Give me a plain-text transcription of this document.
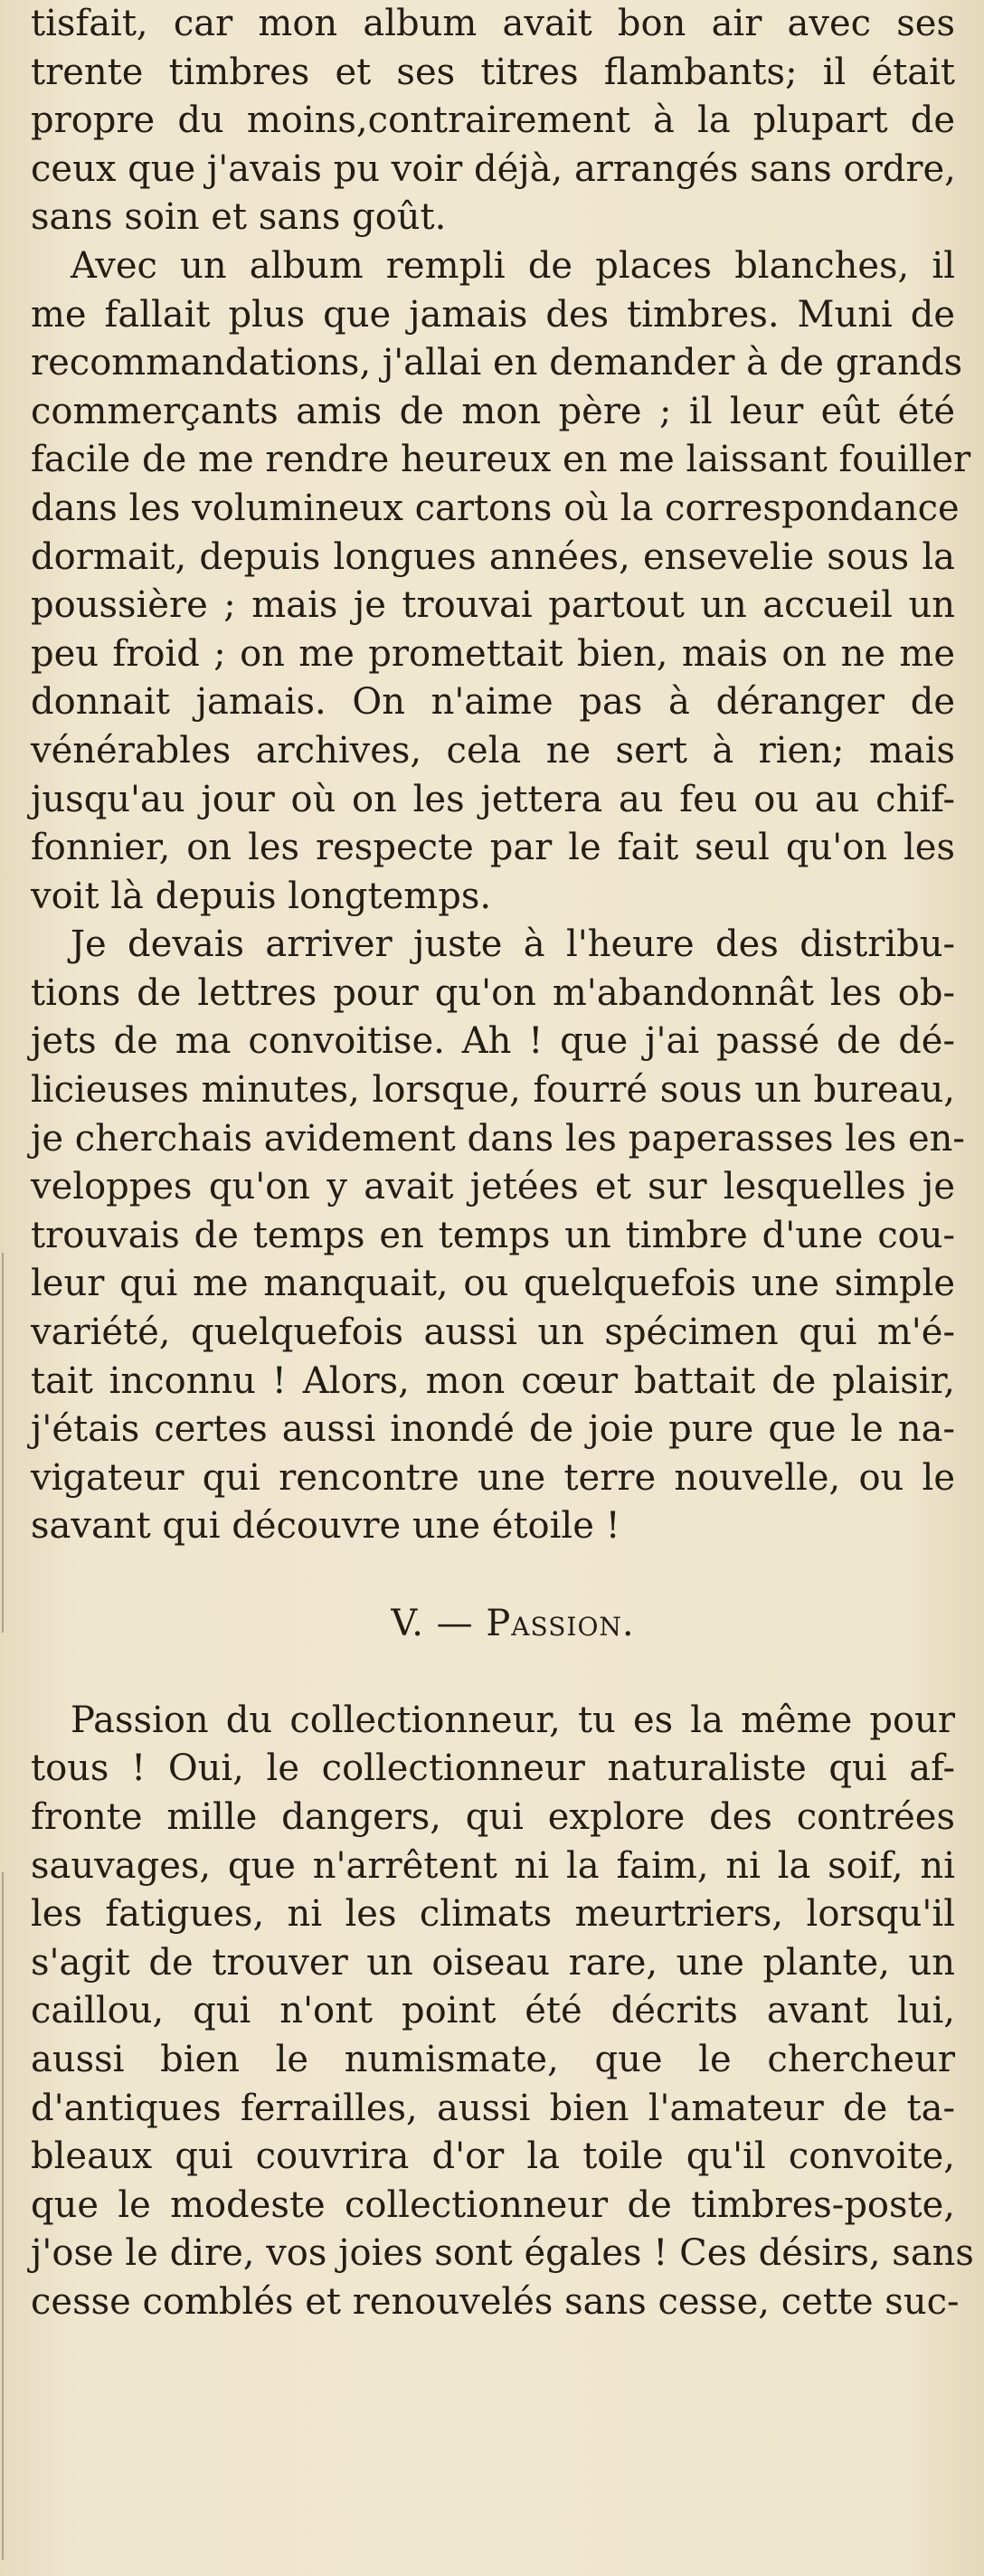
tisfait, car mon album avait bon air avec ses
trente timbres et ses titres flambants; il était
propre du moins,contrairement à la plupart de
ceux que j'avais pu voir déjà, arrangés sans ordre,
sans soin et sans goût.

Avec un album rempli de places blanches, il
me fallait plus que jamais des timbres. Muni de
recommandations, j'allai en demander à de grands
commerçants amis de mon père ; il leur eût été
facile de me rendre heureux en me laissant fouiller
dans les volumineux cartons où la correspondance
dormait, depuis longues années, ensevelie sous la
poussière ; mais je trouvai partout un accueil un
peu froid ; on me promettait bien, mais on ne me
donnait jamais. On n'aime pas à déranger de
vénérables archives, cela ne sert à rien; mais
jusqu'au jour où on les jettera au feu ou au chif-
fonnier, on les respecte par le fait seul qu'on les
voit là depuis longtemps.

Je devais arriver juste à l'heure des distribu-
tions de lettres pour qu'on m'abandonnât les ob-
jets de ma convoitise. Ah ! que j'ai passé de dé-
licieuses minutes, lorsque, fourré sous un bureau,
je cherchais avidement dans les paperasses les en-
veloppes qu'on y avait jetées et sur lesquelles je
trouvais de temps en temps un timbre d'une cou-
leur qui me manquait, ou quelquefois une simple
variété, quelquefois aussi un spécimen qui m'é-
tait inconnu ! Alors, mon cœur battait de plaisir,
j'étais certes aussi inondé de joie pure que le na-
vigateur qui rencontre une terre nouvelle, ou le
savant qui découvre une étoile !

V. — Passion.

Passion du collectionneur, tu es la même pour
tous ! Oui, le collectionneur naturaliste qui af-
fronte mille dangers, qui explore des contrées
sauvages, que n'arrêtent ni la faim, ni la soif, ni
les fatigues, ni les climats meurtriers, lorsqu'il
s'agit de trouver un oiseau rare, une plante, un
caillou, qui n'ont point été décrits avant lui,
aussi bien le numismate, que le chercheur
d'antiques ferrailles, aussi bien l'amateur de ta-
bleaux qui couvrira d'or la toile qu'il convoite,
que le modeste collectionneur de timbres-poste,
j'ose le dire, vos joies sont égales ! Ces désirs, sans
cesse comblés et renouvelés sans cesse, cette suc-
